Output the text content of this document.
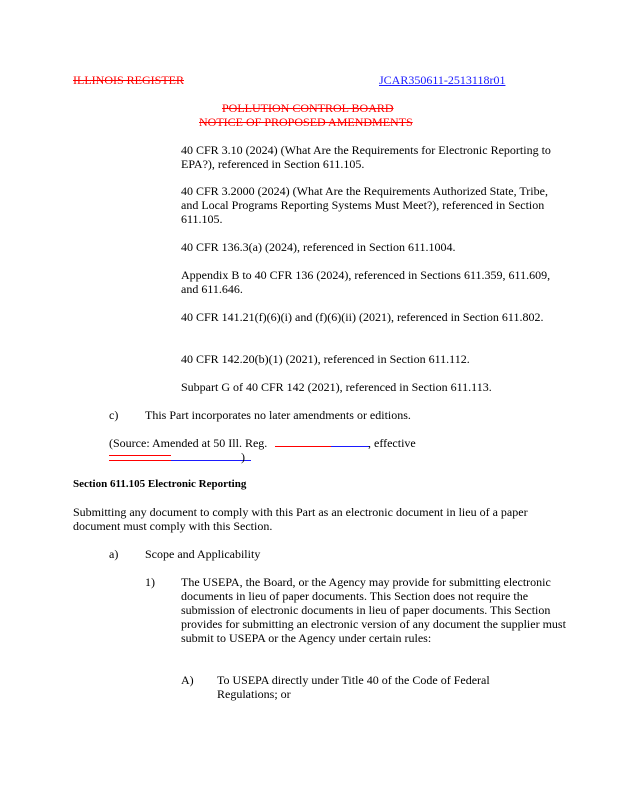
ILLINOIS REGISTER	JCAR350611-2513118r01
POLLUTION CONTROL BOARD
NOTICE OF PROPOSED AMENDMENTS
40 CFR 3.10 (2024) (What Are the Requirements for Electronic Reporting to EPA?), referenced in Section 611.105.
40 CFR 3.2000 (2024) (What Are the Requirements Authorized State, Tribe, and Local Programs Reporting Systems Must Meet?), referenced in Section 611.105.
40 CFR 136.3(a) (2024), referenced in Section 611.1004.
Appendix B to 40 CFR 136 (2024), referenced in Sections 611.359, 611.609, and 611.646.
40 CFR 141.21(f)(6)(i) and (f)(6)(ii) (2021), referenced in Section 611.802.
40 CFR 142.20(b)(1) (2021), referenced in Section 611.112.
Subpart G of 40 CFR 142 (2021), referenced in Section 611.113.
c) This Part incorporates no later amendments or editions.
(Source: Amended at 50 Ill. Reg.	, effective
)
Section 611.105 Electronic Reporting
Submitting any document to comply with this Part as an electronic document in lieu of a paper document must comply with this Section.
a) Scope and Applicability
1) The USEPA, the Board, or the Agency may provide for submitting electronic documents in lieu of paper documents. This Section does not require the submission of electronic documents in lieu of paper documents. This Section provides for submitting an electronic version of any document the supplier must submit to USEPA or the Agency under certain rules:
A) To USEPA directly under Title 40 of the Code of Federal Regulations; or
